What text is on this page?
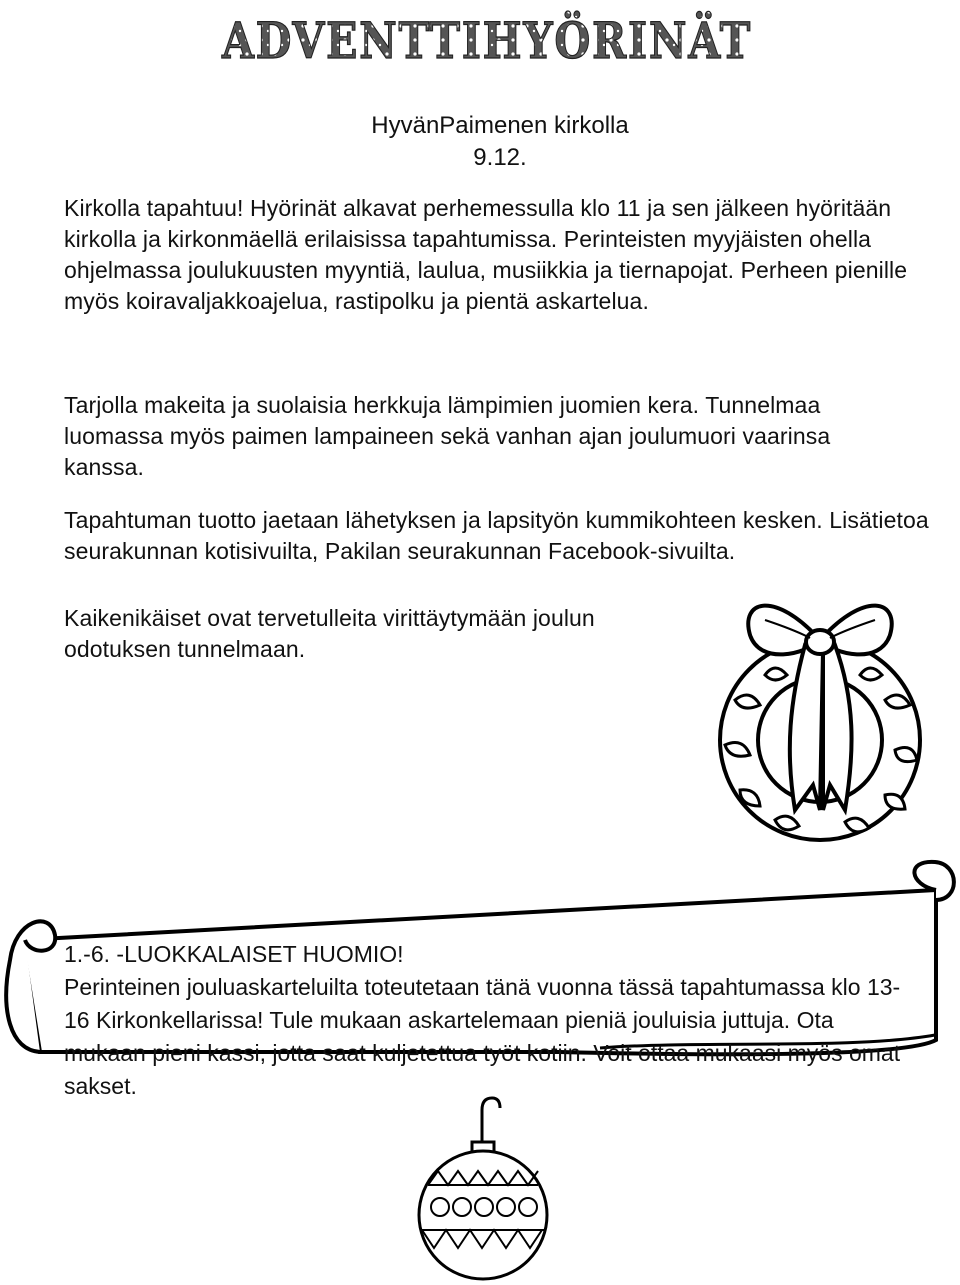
ADVENTTIHYÖRINÄT

HyvänPaimenen kirkolla

9.12.

Kirkolla tapahtuu! Hyörinät alkavat perhemessulla klo 11 ja sen jälkeen hyöritään kirkolla ja kirkonmäellä erilaisissa tapahtumissa. Perinteisten myyjäisten ohella ohjelmassa joulukuusten myyntiä, laulua, musiikkia ja tiernapojat. Perheen pienille myös koiravaljakkoajelua, rastipolku ja pientä askartelua.

Tarjolla makeita ja suolaisia herkkuja lämpimien juomien kera. Tunnelmaa luomassa myös paimen lampaineen sekä vanhan ajan joulumuori vaarinsa kanssa.

Tapahtuman tuotto jaetaan lähetyksen ja lapsityön kummikohteen kesken. Lisätietoa seurakunnan kotisivuilta, Pakilan seurakunnan Facebook-sivuilta.

Kaikenikäiset ovat tervetulleita virittäytymään joulun odotuksen tunnelmaan.

1.-6. -LUOKKALAISET HUOMIO!

Perinteinen jouluaskarteluilta toteutetaan tänä vuonna tässä tapahtumassa klo 13-16 Kirkonkellarissa! Tule mukaan askartelemaan pieniä jouluisia juttuja. Ota mukaan pieni kassi, jotta saat kuljetettua työt kotiin. Voit ottaa mukaasi myös omat sakset.
